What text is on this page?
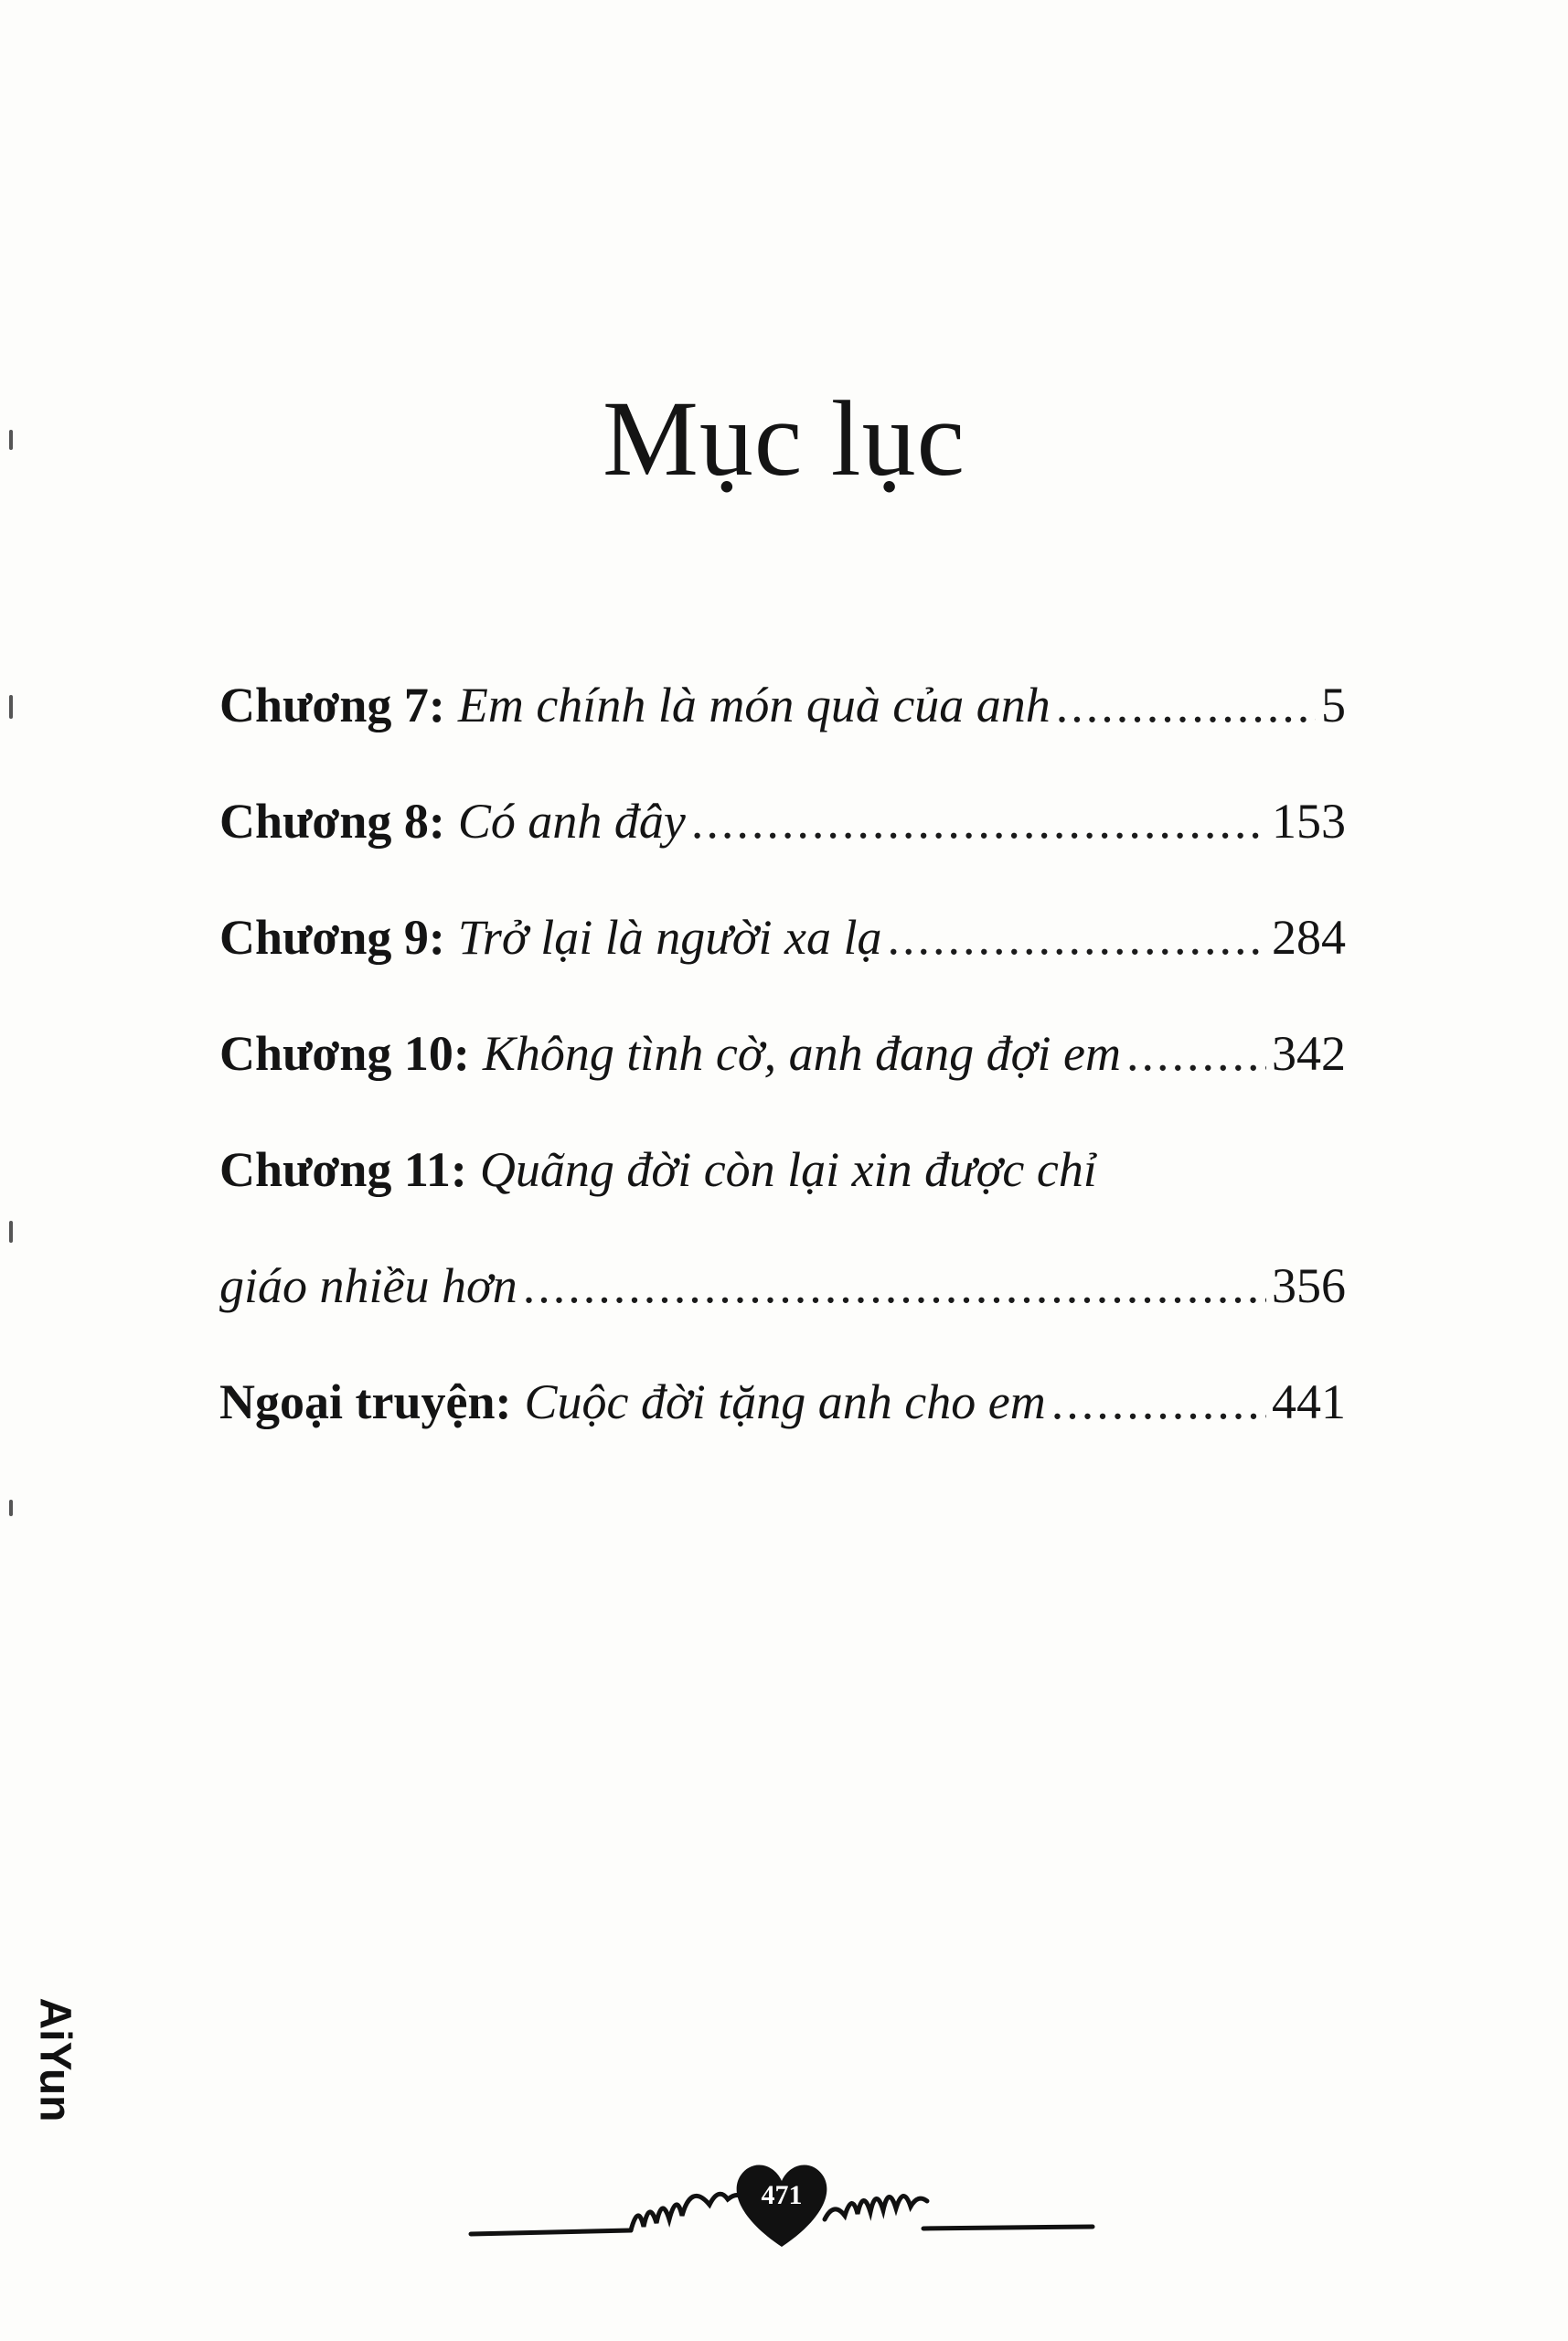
Mục lục
Chương 7: Em chính là món quà của anh .....	5
Chương 8: Có anh đây .....	153
Chương 9: Trở lại là người xa lạ .....	284
Chương 10: Không tình cờ, anh đang đợi em .....	342
Chương 11: Quãng đời còn lại xin được chỉ
giáo nhiều hơn .....	356
Ngoại truyện: Cuộc đời tặng anh cho em .....	441
AiYun
471
